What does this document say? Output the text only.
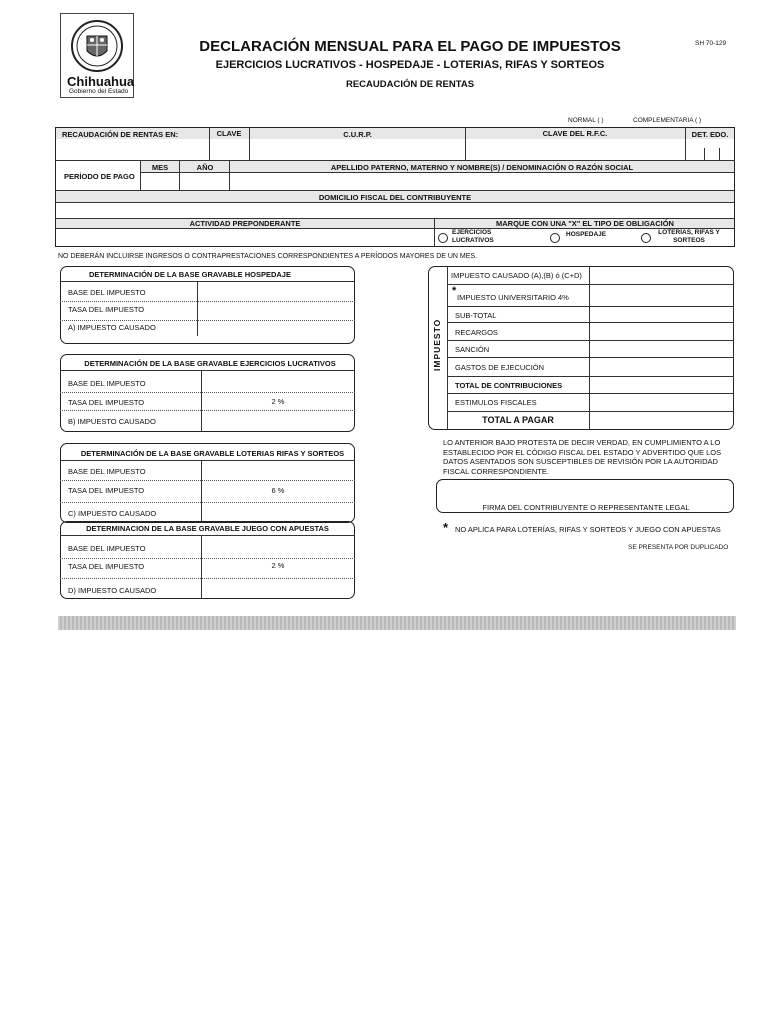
Chihuahua
Gobierno del Estado
DECLARACIÓN MENSUAL PARA EL PAGO DE IMPUESTOS	SH 70-129
EJERCICIOS LUCRATIVOS - HOSPEDAJE - LOTERIAS, RIFAS Y SORTEOS
RECAUDACIÓN DE RENTAS
NORMAL ( )	COMPLEMENTARIA ( )
RECAUDACIÓN DE RENTAS EN:	CLAVE	C.U.R.P.	CLAVE DEL R.F.C.	DET. EDO.
MES	AÑO	APELLIDO PATERNO, MATERNO Y NOMBRE(S) / DENOMINACIÓN O RAZÓN SOCIAL
PERÍODO DE PAGO
DOMICILIO FISCAL DEL CONTRIBUYENTE
ACTIVIDAD PREPONDERANTE	MARQUE CON UNA "X" EL TIPO DE OBLIGACIÓN
EJERCICIOS LUCRATIVOS
HOSPEDAJE	LOTERÍAS, RIFAS Y SORTEOS
NO DEBERÁN INCLUIRSE INGRESOS O CONTRAPRESTACIONES CORRESPONDIENTES A PERÍODOS MAYORES DE UN MES.
DETERMINACIÓN DE LA BASE GRAVABLE HOSPEDAJE
BASE DEL IMPUESTO
TASA DEL IMPUESTO
A) IMPUESTO CAUSADO
DETERMINACIÓN DE LA BASE GRAVABLE EJERCICIOS LUCRATIVOS
BASE DEL IMPUESTO
TASA DEL IMPUESTO	2 %
B) IMPUESTO CAUSADO
DETERMINACIÓN DE LA BASE GRAVABLE LOTERIAS RIFAS Y SORTEOS
BASE DEL IMPUESTO
TASA DEL IMPUESTO	6 %
C) IMPUESTO CAUSADO
DETERMINACION DE LA BASE GRAVABLE JUEGO CON APUESTAS
BASE DEL IMPUESTO
TASA DEL IMPUESTO	2 %
D) IMPUESTO CAUSADO
IMPUESTO
IMPUESTO CAUSADO (A),(B) ó (C+D)
*
IMPUESTO UNIVERSITARIO 4%
SUB-TOTAL
RECARGOS
SANCIÓN
GASTOS DE EJECUCIÓN
TOTAL DE CONTRIBUCIONES
ESTIMULOS FISCALES
TOTAL A PAGAR
LO ANTERIOR BAJO PROTESTA DE DECIR VERDAD, EN CUMPLIMIENTO A LO ESTABLECIDO POR EL CÓDIGO FISCAL DEL ESTADO Y ADVERTIDO QUE LOS DATOS ASENTADOS SON SUSCEPTIBLES DE REVISIÓN POR LA AUTORIDAD FISCAL CORRESPONDIENTE.
FIRMA DEL CONTRIBUYENTE O REPRESENTANTE LEGAL
* NO APLICA PARA LOTERÍAS, RIFAS Y SORTEOS Y JUEGO CON APUESTAS
SE PRESENTA POR DUPLICADO
